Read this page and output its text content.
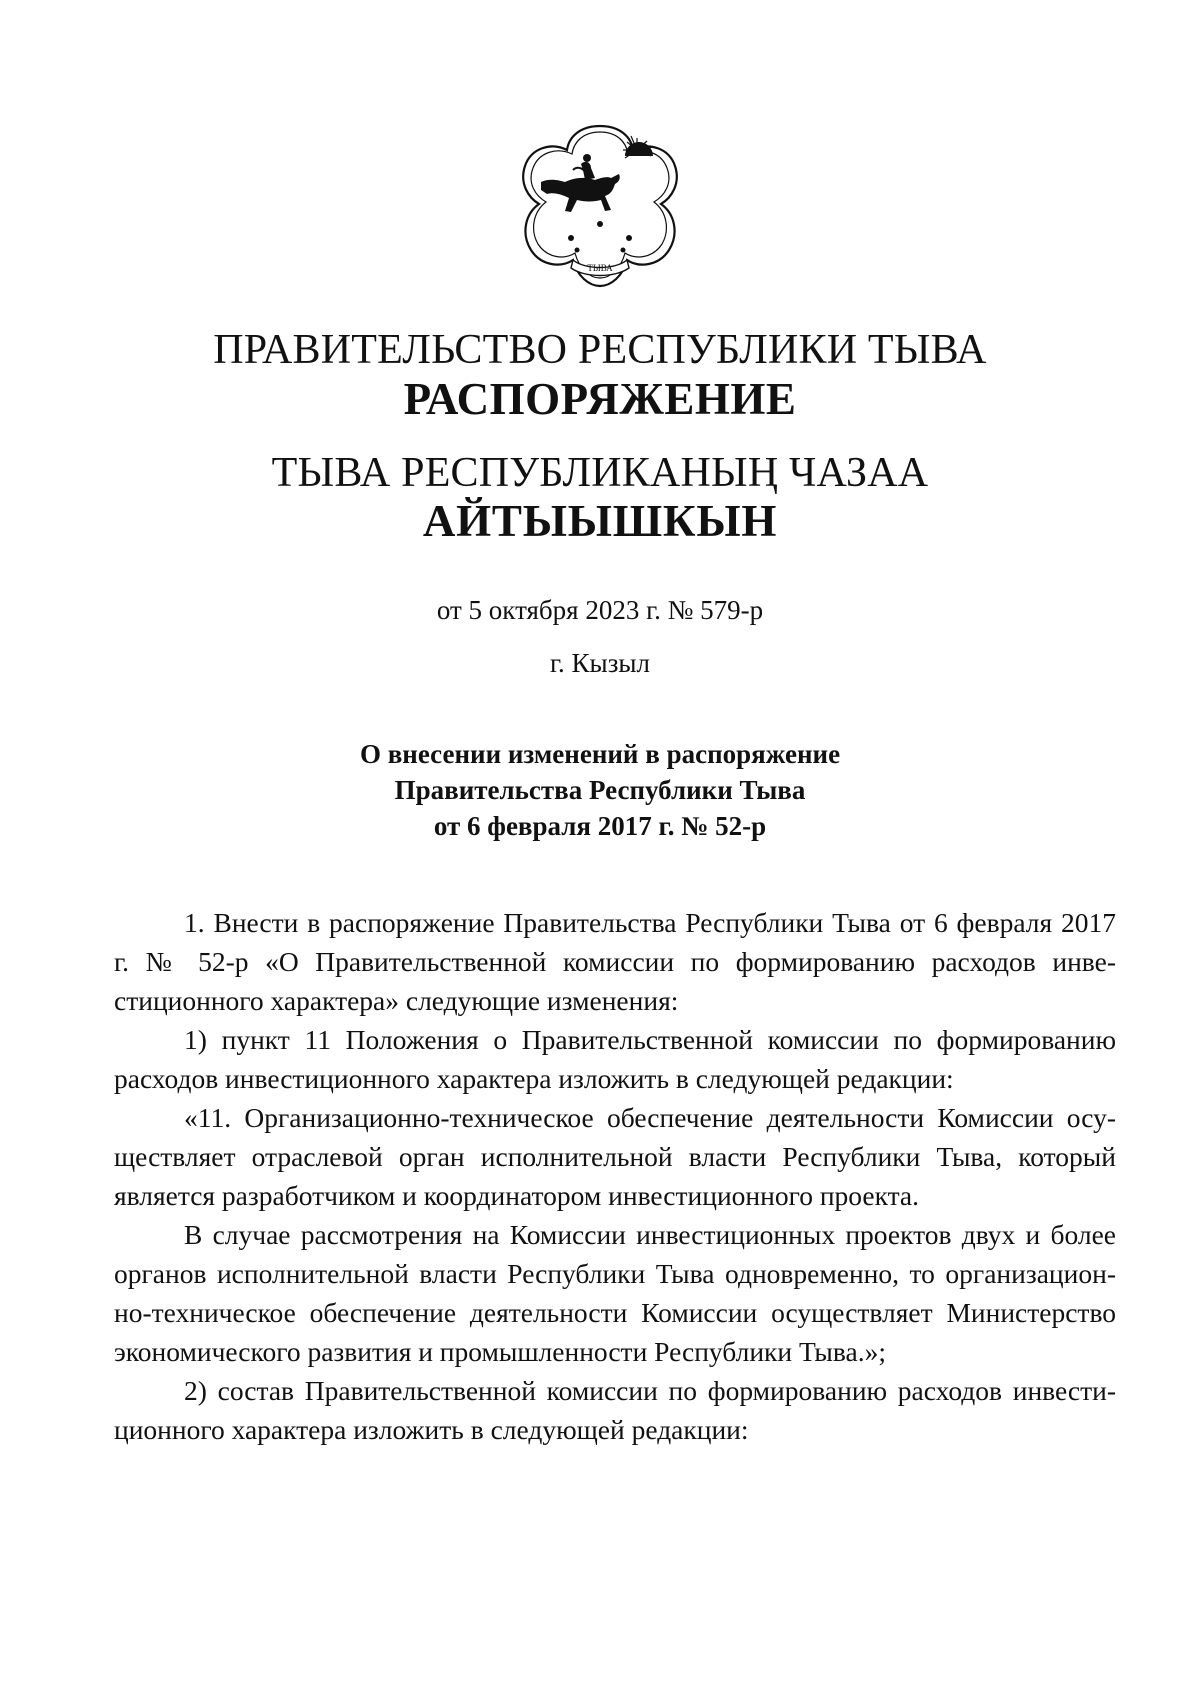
ТЫВА
ПРАВИТЕЛЬСТВО РЕСПУБЛИКИ ТЫВА
РАСПОРЯЖЕНИЕ
ТЫВА РЕСПУБЛИКАНЫҢ ЧАЗАА
АЙТЫЫШКЫН
от 5 октября 2023 г. № 579-р
г. Кызыл
О внесении изменений в распоряжение
Правительства Республики Тыва
от 6 февраля 2017 г. № 52-р

1. Внести в распоряжение Правительства Республики Тыва от 6 февраля 2017 г. № 52-р «О Правительственной комиссии по формированию расходов инвестиционного характера» следующие изменения:

1) пункт 11 Положения о Правительственной комиссии по формированию расходов инвестиционного характера изложить в следующей редакции:

«11. Организационно-техническое обеспечение деятельности Комиссии осуществляет отраслевой орган исполнительной власти Республики Тыва, который является разработчиком и координатором инвестиционного проекта.

В случае рассмотрения на Комиссии инвестиционных проектов двух и более органов исполнительной власти Республики Тыва одновременно, то организационно-техническое обеспечение деятельности Комиссии осуществляет Министерство экономического развития и промышленности Республики Тыва.»;

2) состав Правительственной комиссии по формированию расходов инвестиционного характера изложить в следующей редакции:
